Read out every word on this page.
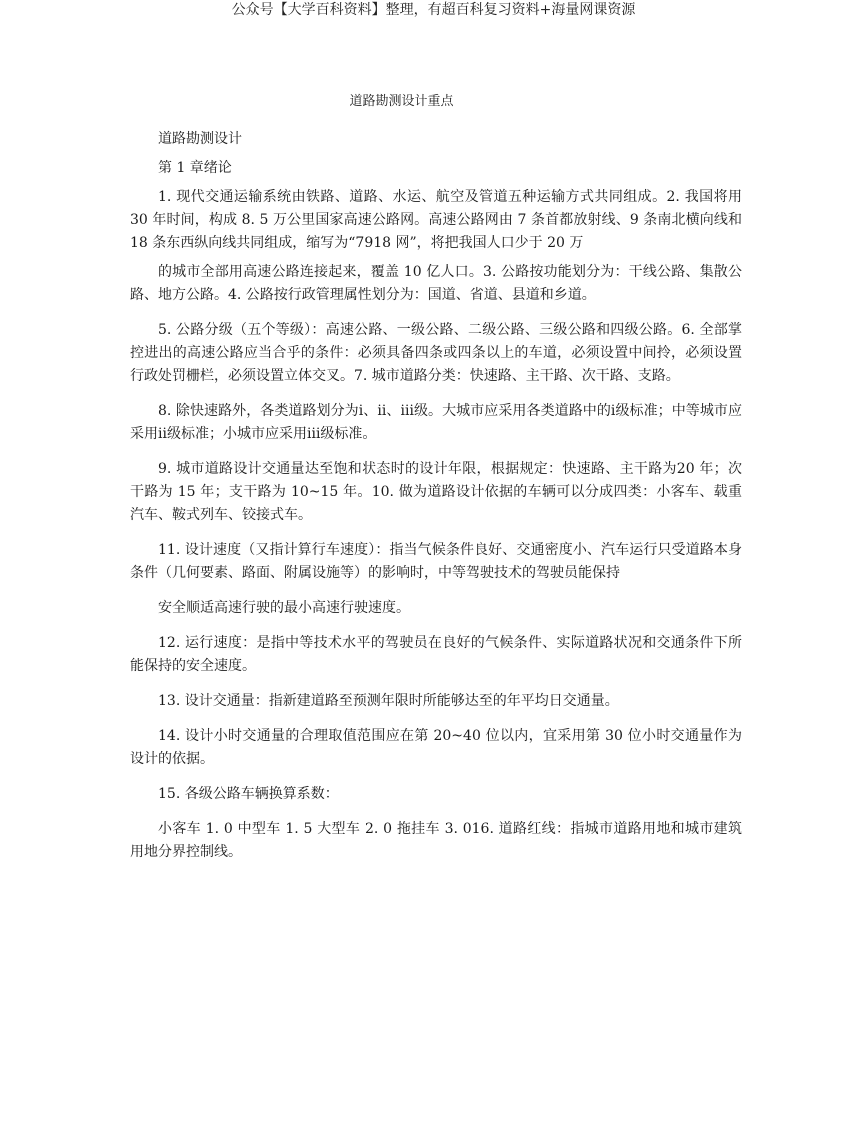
公众号【大学百科资料】整理，有超百科复习资料+海量网课资源
道路勘测设计重点

道路勘测设计

第 1 章绪论

1. 现代交通运输系统由铁路、道路、水运、航空及管道五种运输方式共同组成。2. 我国将用 30 年时间，构成 8. 5 万公里国家高速公路网。高速公路网由 7 条首都放射线、9 条南北横向线和 18 条东西纵向线共同组成，缩写为“7918 网”，将把我国人口少于 20 万

的城市全部用高速公路连接起来，覆盖 10 亿人口。3. 公路按功能划分为：干线公路、集散公路、地方公路。4. 公路按行政管理属性划分为：国道、省道、县道和乡道。

5. 公路分级（五个等级）：高速公路、一级公路、二级公路、三级公路和四级公路。6. 全部掌控进出的高速公路应当合乎的条件：必须具备四条或四条以上的车道，必须设置中间拎，必须设置行政处罚栅栏，必须设置立体交叉。7. 城市道路分类：快速路、主干路、次干路、支路。

8. 除快速路外，各类道路划分为ⅰ、ⅱ、ⅲ级。大城市应采用各类道路中的ⅰ级标准；中等城市应采用ⅱ级标准；小城市应采用ⅲ级标准。

9. 城市道路设计交通量达至饱和状态时的设计年限，根据规定：快速路、主干路为20 年；次干路为 15 年；支干路为 10~15 年。10. 做为道路设计依据的车辆可以分成四类：小客车、载重汽车、鞍式列车、铰接式车。

11. 设计速度（又指计算行车速度）：指当气候条件良好、交通密度小、汽车运行只受道路本身条件（几何要素、路面、附属设施等）的影响时，中等驾驶技术的驾驶员能保持

安全顺适高速行驶的最小高速行驶速度。

12. 运行速度：是指中等技术水平的驾驶员在良好的气候条件、实际道路状况和交通条件下所能保持的安全速度。

13. 设计交通量：指新建道路至预测年限时所能够达至的年平均日交通量。

14. 设计小时交通量的合理取值范围应在第 20~40 位以内，宜采用第 30 位小时交通量作为设计的依据。

15. 各级公路车辆换算系数：

小客车 1. 0 中型车 1. 5 大型车 2. 0 拖挂车 3. 016. 道路红线：指城市道路用地和城市建筑用地分界控制线。
